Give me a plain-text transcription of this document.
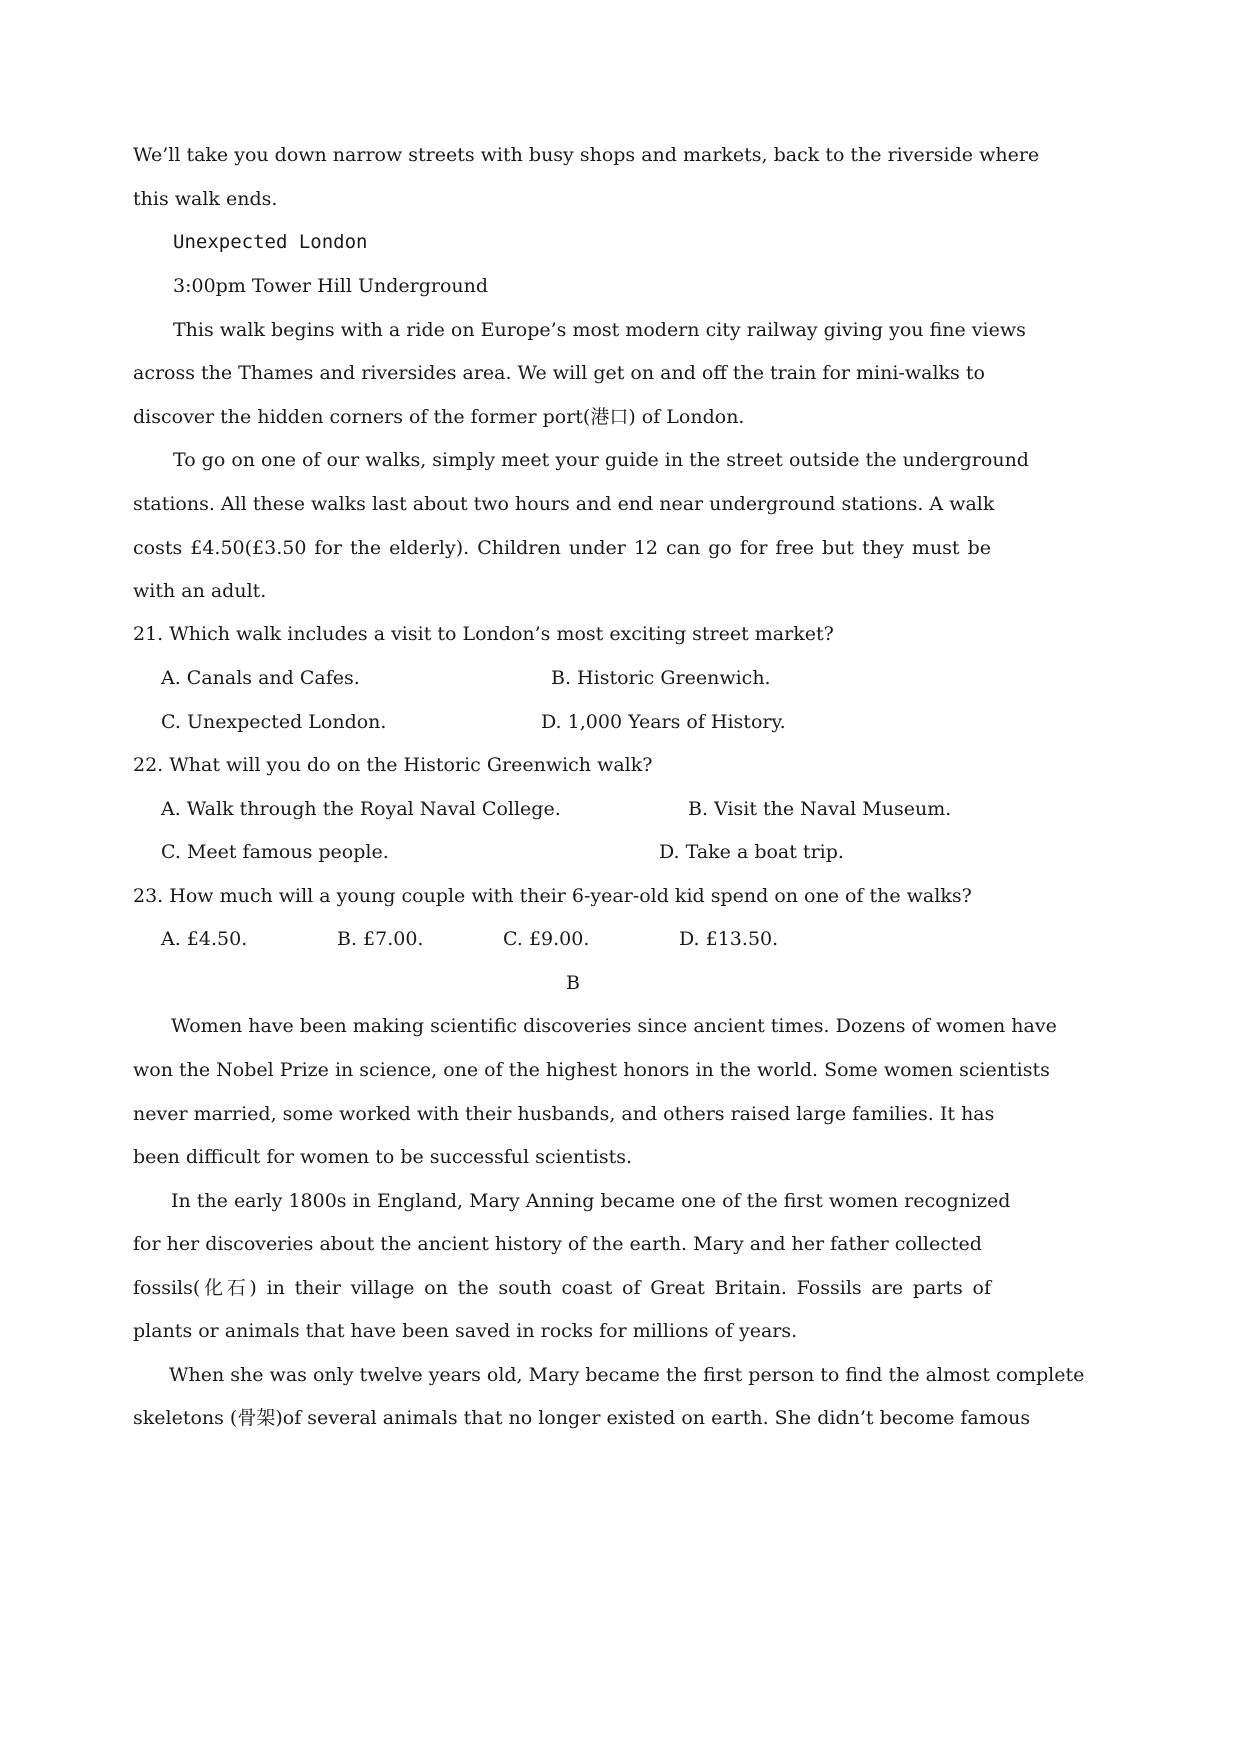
We’ll take you down narrow streets with busy shops and markets, back to the riverside where
this walk ends.
Unexpected London
3:00pm Tower Hill Underground
This walk begins with a ride on Europe’s most modern city railway giving you fine views
across the Thames and riversides area. We will get on and off the train for mini-walks to
discover the hidden corners of the former port(港口) of London.
To go on one of our walks, simply meet your guide in the street outside the underground
stations. All these walks last about two hours and end near underground stations. A walk
costs £4.50(£3.50 for the elderly). Children under 12 can go for free but they must be
with an adult.
21. Which walk includes a visit to London’s most exciting street market?
A. Canals and Cafes.	B. Historic Greenwich.
C. Unexpected London.	D. 1,000 Years of History.
22. What will you do on the Historic Greenwich walk?
A. Walk through the Royal Naval College.	B. Visit the Naval Museum.
C. Meet famous people.	D. Take a boat trip.
23. How much will a young couple with their 6-year-old kid spend on one of the walks?
A. £4.50.	B. £7.00.	C. £9.00.	D. £13.50.
B
Women have been making scientific discoveries since ancient times. Dozens of women have
won the Nobel Prize in science, one of the highest honors in the world. Some women scientists
never married, some worked with their husbands, and others raised large families. It has
been difficult for women to be successful scientists.
In the early 1800s in England, Mary Anning became one of the first women recognized
for her discoveries about the ancient history of the earth. Mary and her father collected
fossils(化石) in their village on the south coast of Great Britain. Fossils are parts of
plants or animals that have been saved in rocks for millions of years.
When she was only twelve years old, Mary became the first person to find the almost complete
skeletons (骨架)of several animals that no longer existed on earth. She didn’t become famous
